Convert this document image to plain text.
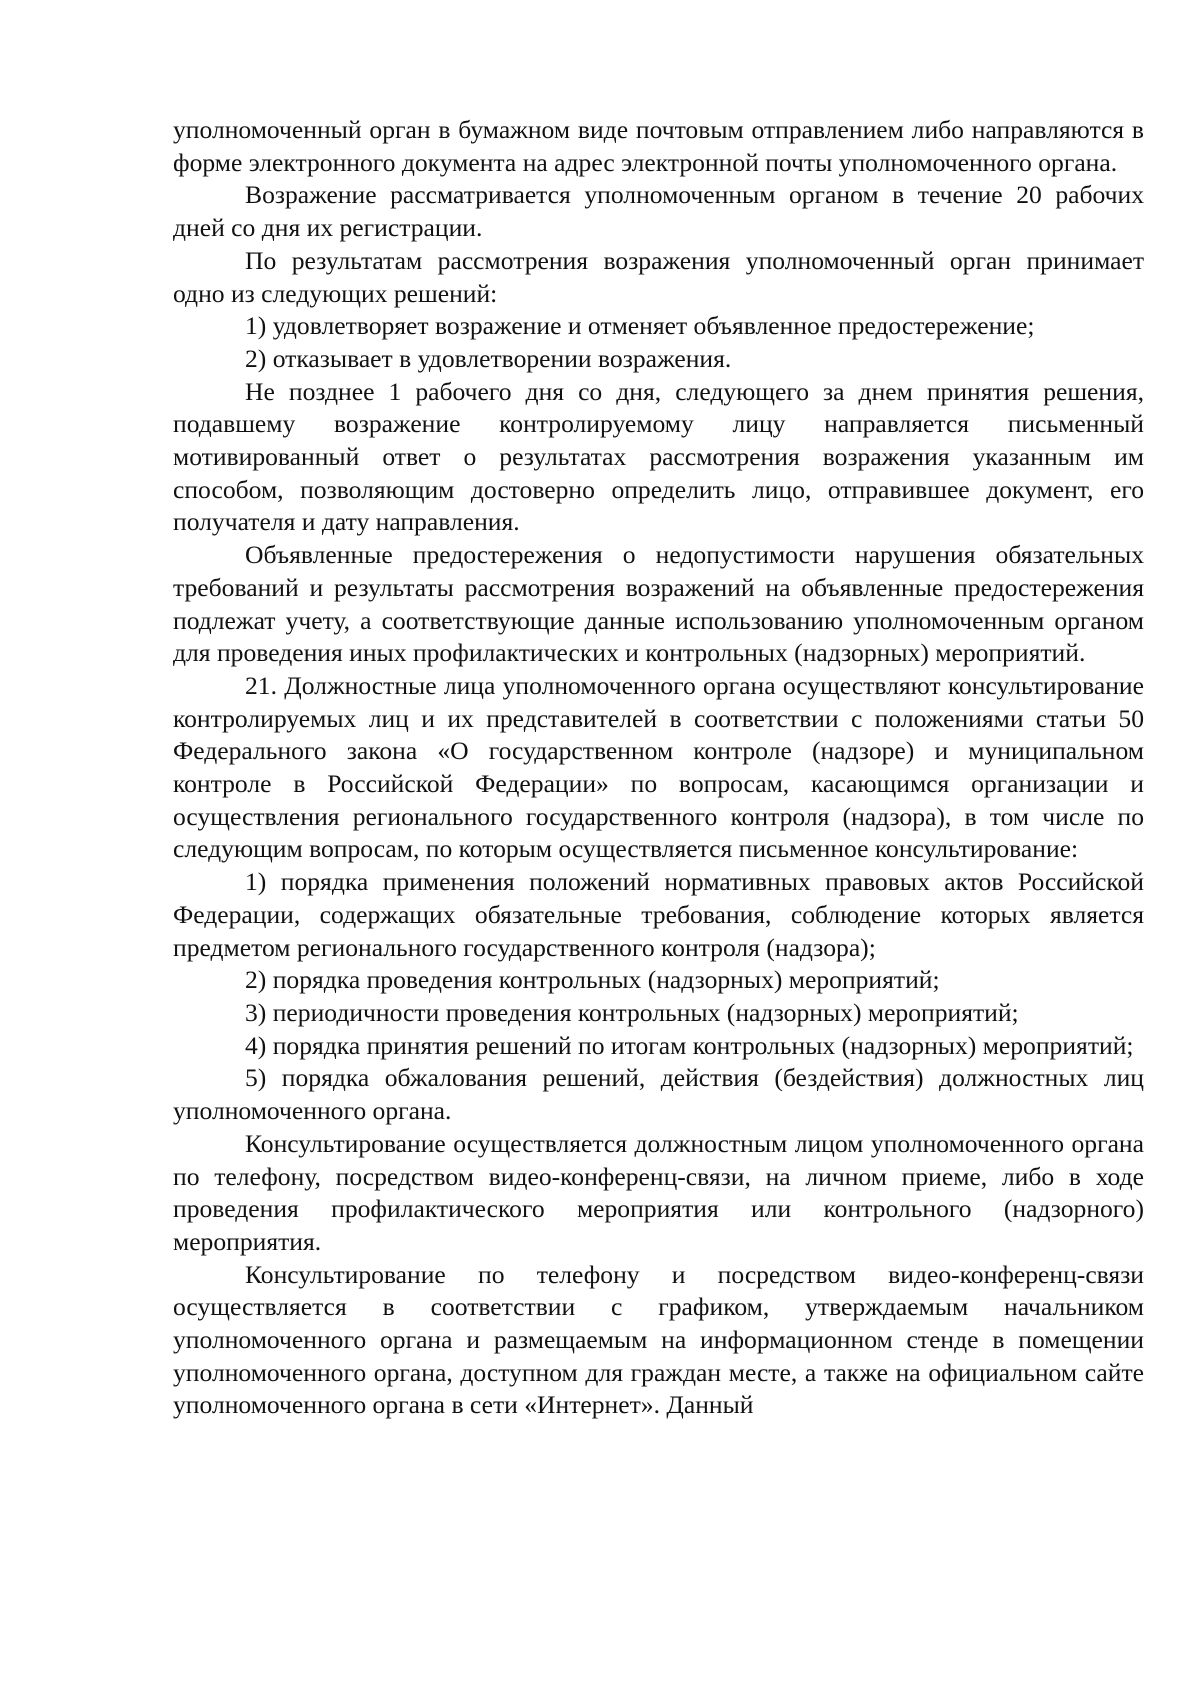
уполномоченный орган в бумажном виде почтовым отправлением либо направляются в форме электронного документа на адрес электронной почты уполномоченного органа.

Возражение рассматривается уполномоченным органом в течение 20 рабочих дней со дня их регистрации.

По результатам рассмотрения возражения уполномоченный орган принимает одно из следующих решений:

1) удовлетворяет возражение и отменяет объявленное предостережение;

2) отказывает в удовлетворении возражения.

Не позднее 1 рабочего дня со дня, следующего за днем принятия решения, подавшему возражение контролируемому лицу направляется письменный мотивированный ответ о результатах рассмотрения возражения указанным им способом, позволяющим достоверно определить лицо, отправившее документ, его получателя и дату направления.

Объявленные предостережения о недопустимости нарушения обязательных требований и результаты рассмотрения возражений на объявленные предостережения подлежат учету, а соответствующие данные использованию уполномоченным органом для проведения иных профилактических и контрольных (надзорных) мероприятий.

21. Должностные лица уполномоченного органа осуществляют консультирование контролируемых лиц и их представителей в соответствии с положениями статьи 50 Федерального закона «О государственном контроле (надзоре) и муниципальном контроле в Российской Федерации» по вопросам, касающимся организации и осуществления регионального государственного контроля (надзора), в том числе по следующим вопросам, по которым осуществляется письменное консультирование:

1) порядка применения положений нормативных правовых актов Российской Федерации, содержащих обязательные требования, соблюдение которых является предметом регионального государственного контроля (надзора);

2) порядка проведения контрольных (надзорных) мероприятий;

3) периодичности проведения контрольных (надзорных) мероприятий;

4) порядка принятия решений по итогам контрольных (надзорных) мероприятий;

5) порядка обжалования решений, действия (бездействия) должностных лиц уполномоченного органа.

Консультирование осуществляется должностным лицом уполномоченного органа по телефону, посредством видео-конференц-связи, на личном приеме, либо в ходе проведения профилактического мероприятия или контрольного (надзорного) мероприятия.

Консультирование по телефону и посредством видео-конференц-связи осуществляется в соответствии с графиком, утверждаемым начальником уполномоченного органа и размещаемым на информационном стенде в помещении уполномоченного органа, доступном для граждан месте, а также на официальном сайте уполномоченного органа в сети «Интернет». Данный
